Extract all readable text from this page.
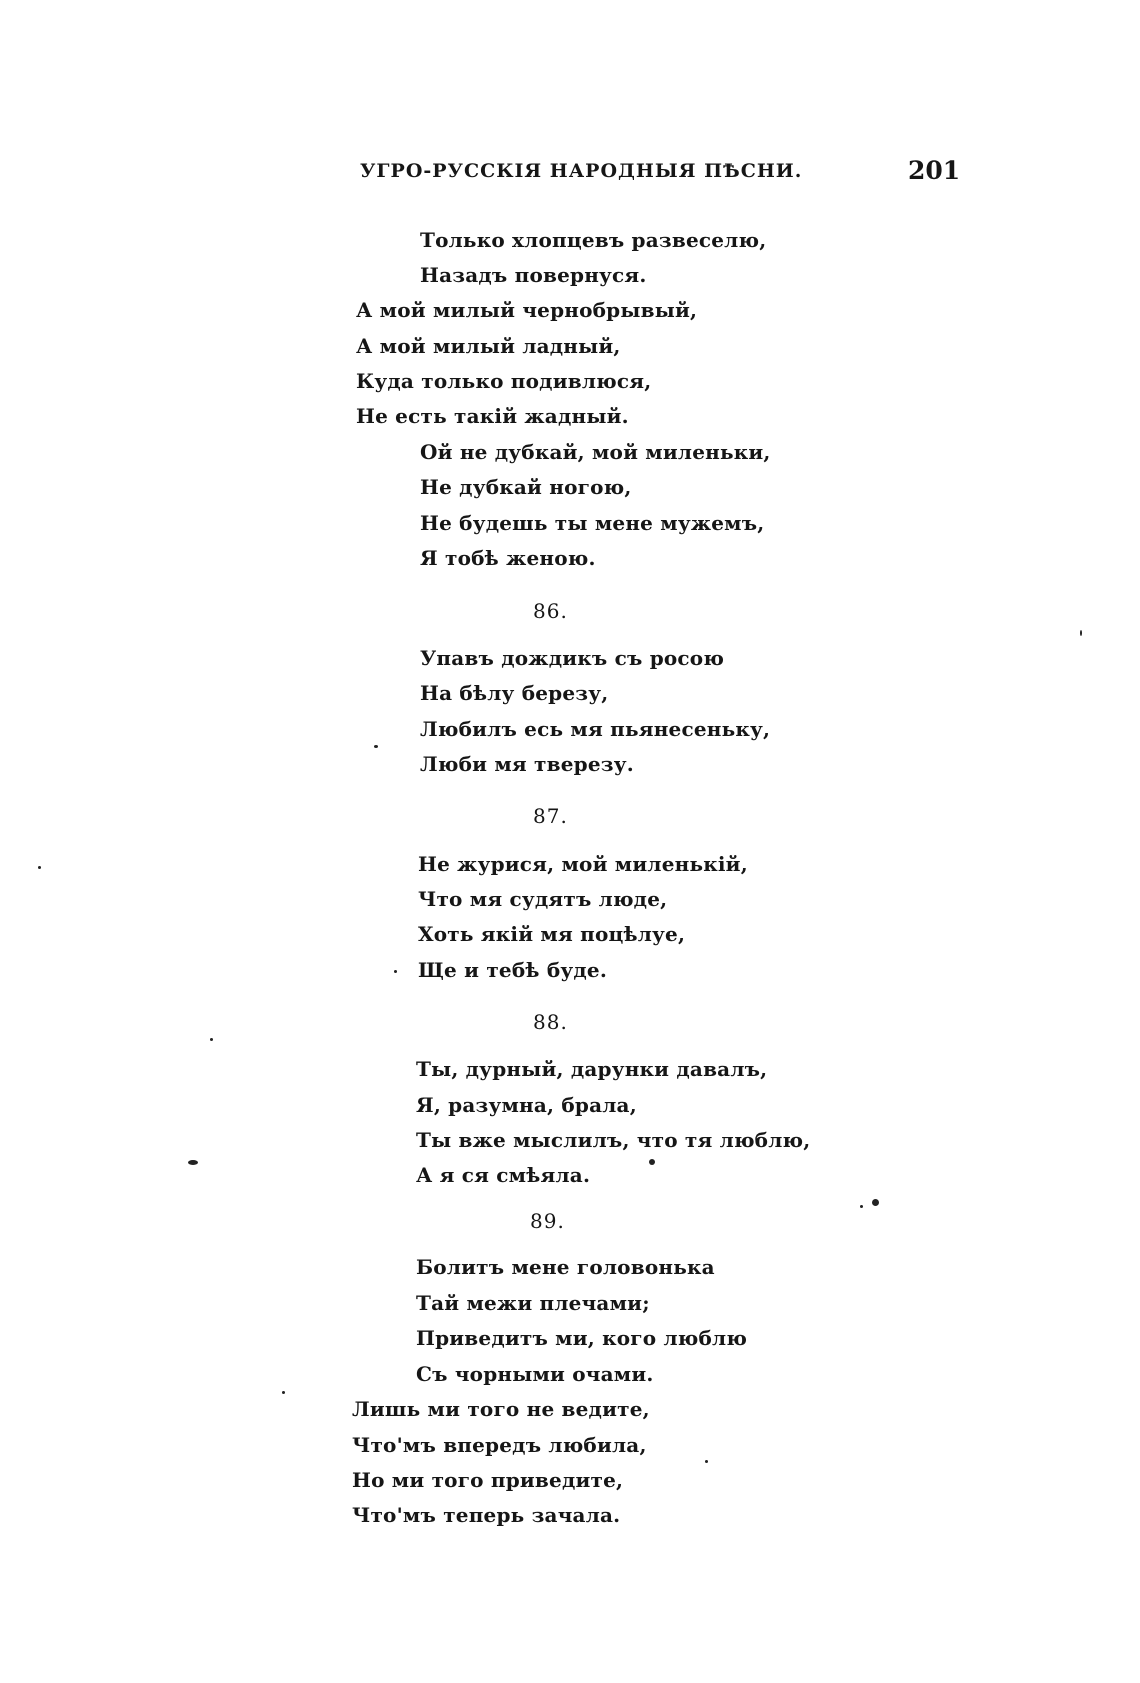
УГРО-РУССКІЯ НАРОДНЫЯ ПѢСНИ.	201
Только хлопцевъ развеселю,
Назадъ повернуся.
А мой милый чернобрывый,
А мой милый ладный,
Куда только подивлюся,
Не есть такій жадный.
Ой не дубкай, мой миленьки,
Не дубкай ногою,
Не будешь ты мене мужемъ,
Я тобѣ женою.
86.
Упавъ дождикъ съ росою
На бѣлу березу,
Любилъ есь мя пьянесеньку,
Люби мя тверезу.
87.
Не журися, мой миленькій,
Что мя судятъ люде,
Хоть якій мя поцѣлуе,
Ще и тебѣ буде.
88.
Ты, дурный, дарунки давалъ,
Я, разумна, брала,
Ты вже мыслилъ, что тя люблю,
А я ся смѣяла.
89.
Болитъ мене головонька
Тай межи плечами;
Приведитъ ми, кого люблю
Съ чорными очами.
Лишь ми того не ведите,
Что'мъ впередъ любила,
Но ми того приведите,
Что'мъ теперь зачала.
